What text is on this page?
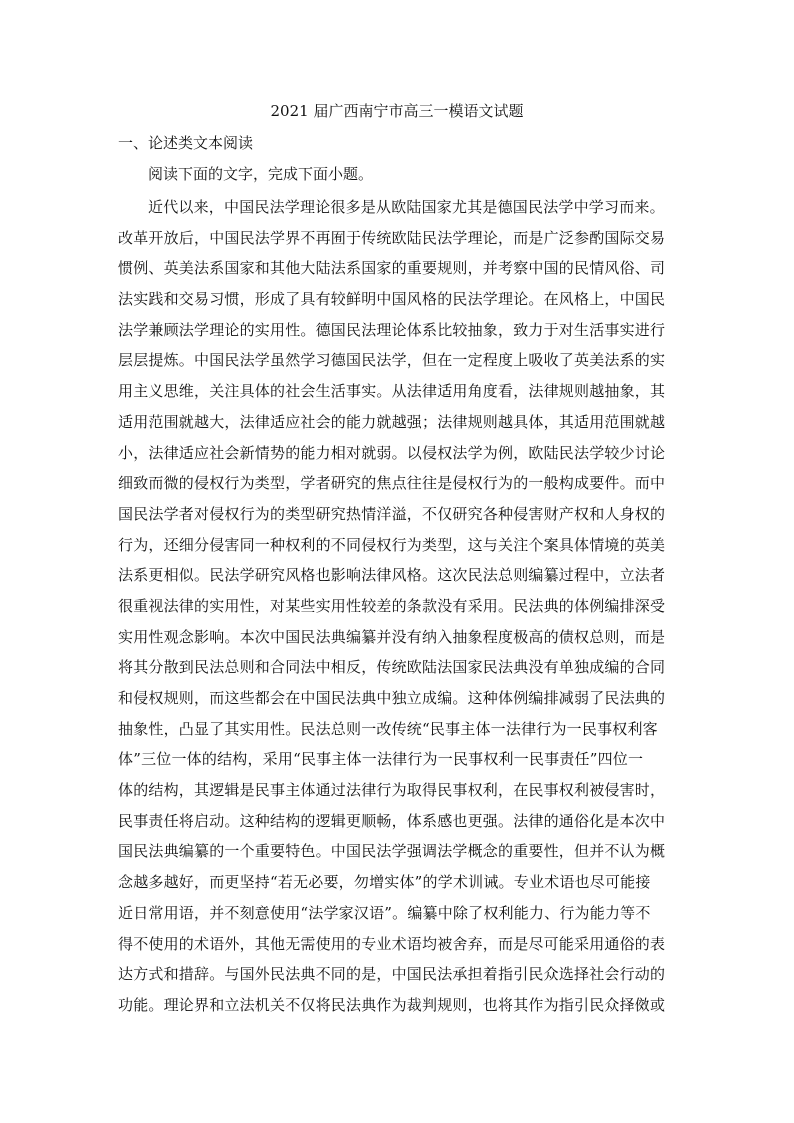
2021 届广西南宁市高三一模语文试题
一、论述类文本阅读
阅读下面的文字，完成下面小题。
近代以来，中国民法学理论很多是从欧陆国家尤其是德国民法学中学习而来。
改革开放后，中国民法学界不再囿于传统欧陆民法学理论，而是广泛参酌国际交易
惯例、英美法系国家和其他大陆法系国家的重要规则，并考察中国的民情风俗、司
法实践和交易习惯，形成了具有较鲜明中国风格的民法学理论。在风格上，中国民
法学兼顾法学理论的实用性。德国民法理论体系比较抽象，致力于对生活事实进行
层层提炼。中国民法学虽然学习德国民法学，但在一定程度上吸收了英美法系的实
用主义思维，关注具体的社会生活事实。从法律适用角度看，法律规则越抽象，其
适用范围就越大，法律适应社会的能力就越强；法律规则越具体，其适用范围就越
小，法律适应社会新情势的能力相对就弱。以侵权法学为例，欧陆民法学较少讨论
细致而微的侵权行为类型，学者研究的焦点往往是侵权行为的一般构成要件。而中
国民法学者对侵权行为的类型研究热情洋溢，不仅研究各种侵害财产权和人身权的
行为，还细分侵害同一种权利的不同侵权行为类型，这与关注个案具体情境的英美
法系更相似。民法学研究风格也影响法律风格。这次民法总则编纂过程中，立法者
很重视法律的实用性，对某些实用性较差的条款没有采用。民法典的体例编排深受
实用性观念影响。本次中国民法典编纂并没有纳入抽象程度极高的债权总则，而是
将其分散到民法总则和合同法中相反，传统欧陆法国家民法典没有单独成编的合同
和侵权规则，而这些都会在中国民法典中独立成编。这种体例编排减弱了民法典的
抽象性，凸显了其实用性。民法总则一改传统“民事主体一法律行为一民事权利客
体”三位一体的结构，采用“民事主体一法律行为一民事权利一民事责任”四位一
体的结构，其逻辑是民事主体通过法律行为取得民事权利，在民事权利被侵害时，
民事责任将启动。这种结构的逻辑更顺畅，体系感也更强。法律的通俗化是本次中
国民法典编纂的一个重要特色。中国民法学强调法学概念的重要性，但并不认为概
念越多越好，而更坚持“若无必要，勿增实体”的学术训诫。专业术语也尽可能接
近日常用语，并不刻意使用“法学家汉语”。编纂中除了权利能力、行为能力等不
得不使用的术语外，其他无需使用的专业术语均被舍弃，而是尽可能采用通俗的表
达方式和措辞。与国外民法典不同的是，中国民法承担着指引民众选择社会行动的
功能。理论界和立法机关不仅将民法典作为裁判规则，也将其作为指引民众择傚或
